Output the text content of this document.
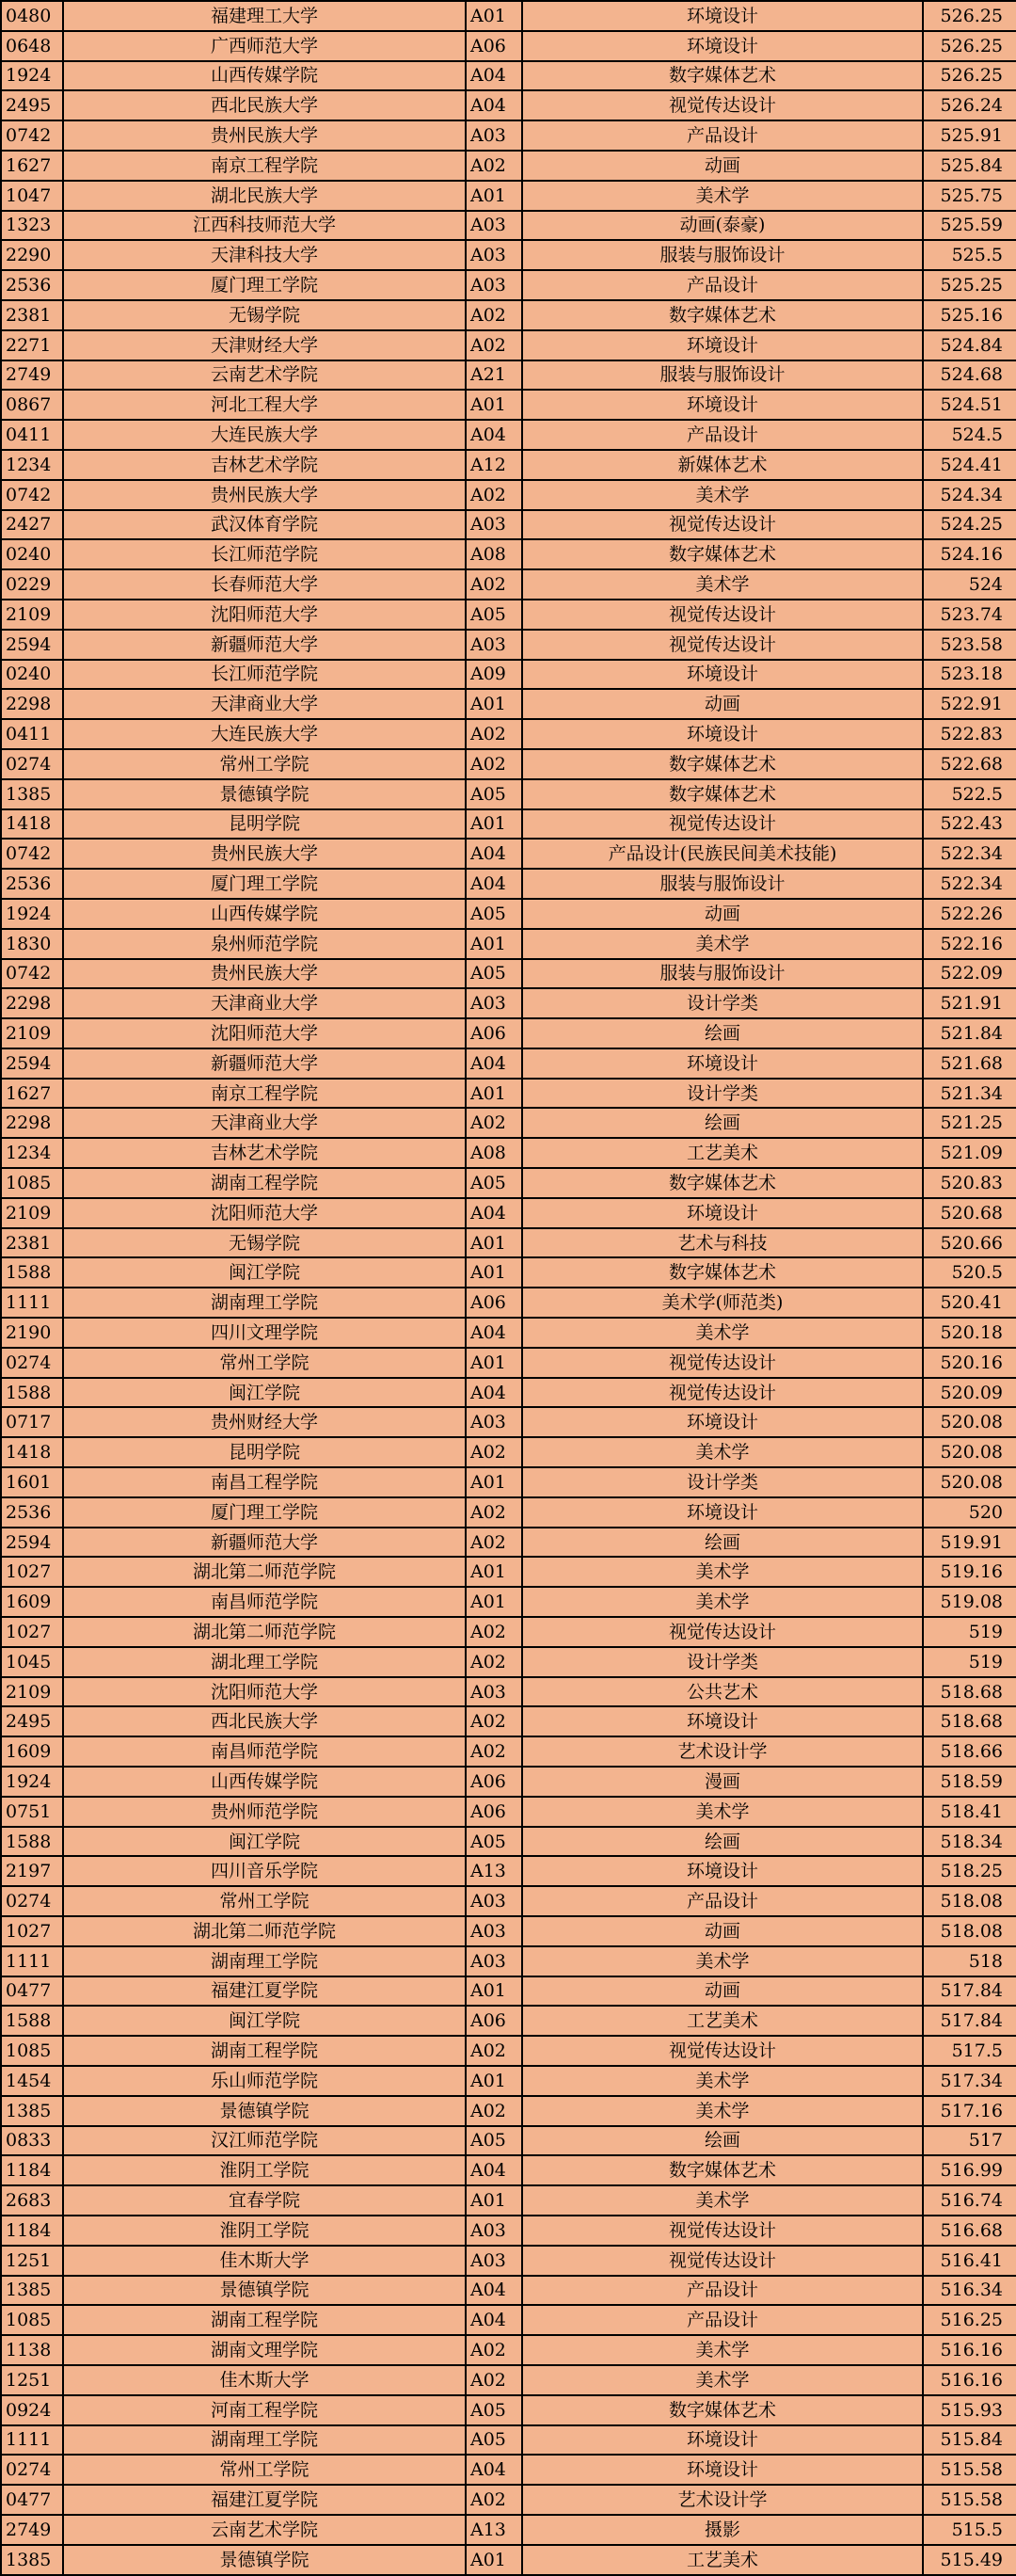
0480	福建理工大学	A01	环境设计	526.25
0648	广西师范大学	A06	环境设计	526.25
1924	山西传媒学院	A04	数字媒体艺术	526.25
2495	西北民族大学	A04	视觉传达设计	526.24
0742	贵州民族大学	A03	产品设计	525.91
1627	南京工程学院	A02	动画	525.84
1047	湖北民族大学	A01	美术学	525.75
1323	江西科技师范大学	A03	动画(泰豪)	525.59
2290	天津科技大学	A03	服装与服饰设计	525.5
2536	厦门理工学院	A03	产品设计	525.25
2381	无锡学院	A02	数字媒体艺术	525.16
2271	天津财经大学	A02	环境设计	524.84
2749	云南艺术学院	A21	服装与服饰设计	524.68
0867	河北工程大学	A01	环境设计	524.51
0411	大连民族大学	A04	产品设计	524.5
1234	吉林艺术学院	A12	新媒体艺术	524.41
0742	贵州民族大学	A02	美术学	524.34
2427	武汉体育学院	A03	视觉传达设计	524.25
0240	长江师范学院	A08	数字媒体艺术	524.16
0229	长春师范大学	A02	美术学	524
2109	沈阳师范大学	A05	视觉传达设计	523.74
2594	新疆师范大学	A03	视觉传达设计	523.58
0240	长江师范学院	A09	环境设计	523.18
2298	天津商业大学	A01	动画	522.91
0411	大连民族大学	A02	环境设计	522.83
0274	常州工学院	A02	数字媒体艺术	522.68
1385	景德镇学院	A05	数字媒体艺术	522.5
1418	昆明学院	A01	视觉传达设计	522.43
0742	贵州民族大学	A04	产品设计(民族民间美术技能)	522.34
2536	厦门理工学院	A04	服装与服饰设计	522.34
1924	山西传媒学院	A05	动画	522.26
1830	泉州师范学院	A01	美术学	522.16
0742	贵州民族大学	A05	服装与服饰设计	522.09
2298	天津商业大学	A03	设计学类	521.91
2109	沈阳师范大学	A06	绘画	521.84
2594	新疆师范大学	A04	环境设计	521.68
1627	南京工程学院	A01	设计学类	521.34
2298	天津商业大学	A02	绘画	521.25
1234	吉林艺术学院	A08	工艺美术	521.09
1085	湖南工程学院	A05	数字媒体艺术	520.83
2109	沈阳师范大学	A04	环境设计	520.68
2381	无锡学院	A01	艺术与科技	520.66
1588	闽江学院	A01	数字媒体艺术	520.5
1111	湖南理工学院	A06	美术学(师范类)	520.41
2190	四川文理学院	A04	美术学	520.18
0274	常州工学院	A01	视觉传达设计	520.16
1588	闽江学院	A04	视觉传达设计	520.09
0717	贵州财经大学	A03	环境设计	520.08
1418	昆明学院	A02	美术学	520.08
1601	南昌工程学院	A01	设计学类	520.08
2536	厦门理工学院	A02	环境设计	520
2594	新疆师范大学	A02	绘画	519.91
1027	湖北第二师范学院	A01	美术学	519.16
1609	南昌师范学院	A01	美术学	519.08
1027	湖北第二师范学院	A02	视觉传达设计	519
1045	湖北理工学院	A02	设计学类	519
2109	沈阳师范大学	A03	公共艺术	518.68
2495	西北民族大学	A02	环境设计	518.68
1609	南昌师范学院	A02	艺术设计学	518.66
1924	山西传媒学院	A06	漫画	518.59
0751	贵州师范学院	A06	美术学	518.41
1588	闽江学院	A05	绘画	518.34
2197	四川音乐学院	A13	环境设计	518.25
0274	常州工学院	A03	产品设计	518.08
1027	湖北第二师范学院	A03	动画	518.08
1111	湖南理工学院	A03	美术学	518
0477	福建江夏学院	A01	动画	517.84
1588	闽江学院	A06	工艺美术	517.84
1085	湖南工程学院	A02	视觉传达设计	517.5
1454	乐山师范学院	A01	美术学	517.34
1385	景德镇学院	A02	美术学	517.16
0833	汉江师范学院	A05	绘画	517
1184	淮阴工学院	A04	数字媒体艺术	516.99
2683	宜春学院	A01	美术学	516.74
1184	淮阴工学院	A03	视觉传达设计	516.68
1251	佳木斯大学	A03	视觉传达设计	516.41
1385	景德镇学院	A04	产品设计	516.34
1085	湖南工程学院	A04	产品设计	516.25
1138	湖南文理学院	A02	美术学	516.16
1251	佳木斯大学	A02	美术学	516.16
0924	河南工程学院	A05	数字媒体艺术	515.93
1111	湖南理工学院	A05	环境设计	515.84
0274	常州工学院	A04	环境设计	515.58
0477	福建江夏学院	A02	艺术设计学	515.58
2749	云南艺术学院	A13	摄影	515.5
1385	景德镇学院	A01	工艺美术	515.49
